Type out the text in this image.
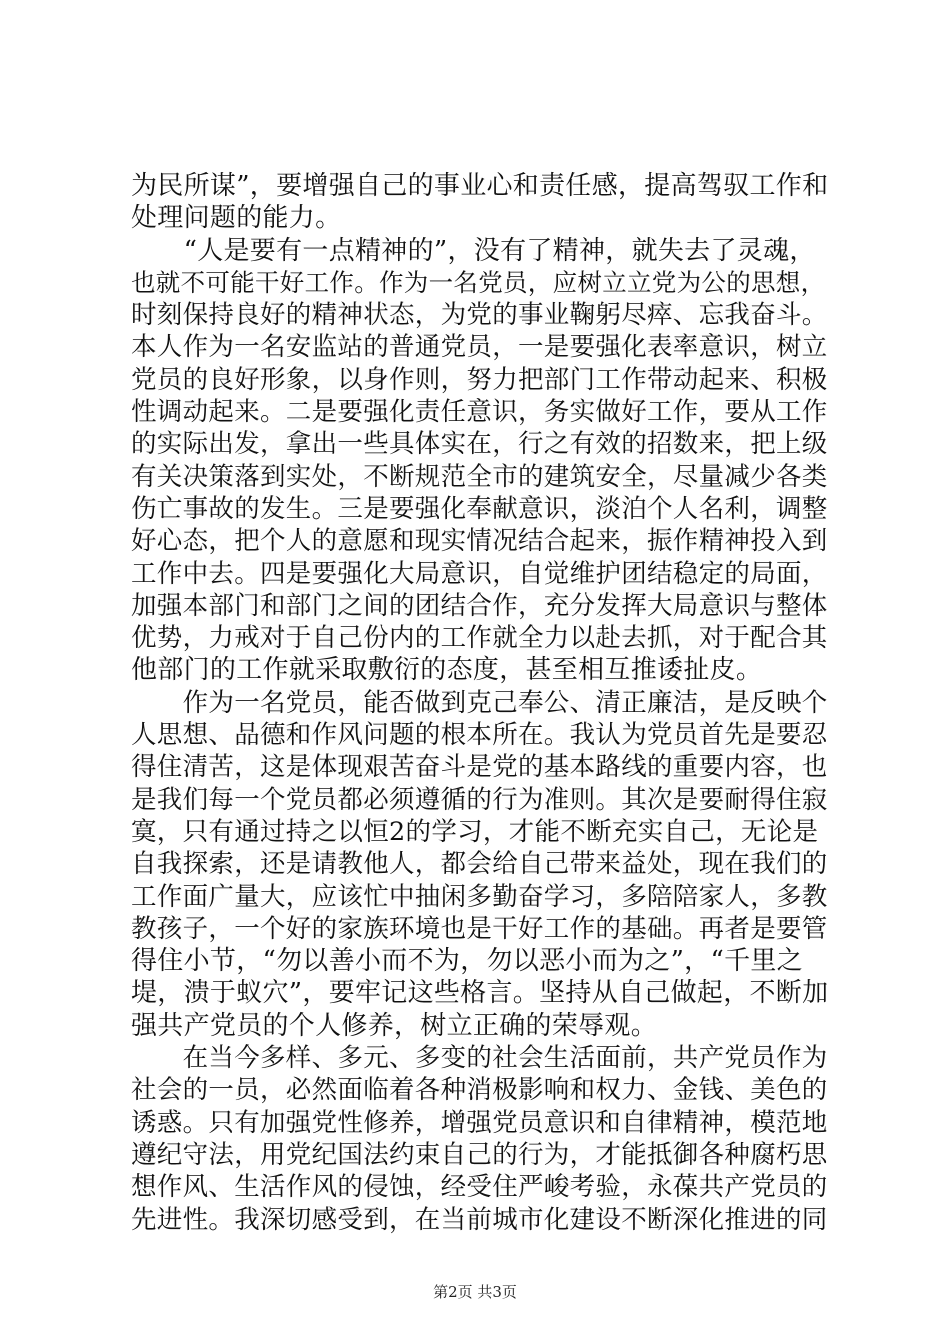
为民所谋”，要增强自己的事业心和责任感，提高驾驭工作和
处理问题的能力。
　　“人是要有一点精神的”，没有了精神，就失去了灵魂，
也就不可能干好工作。作为一名党员，应树立立党为公的思想，
时刻保持良好的精神状态，为党的事业鞠躬尽瘁、忘我奋斗。
本人作为一名安监站的普通党员，一是要强化表率意识，树立
党员的良好形象，以身作则，努力把部门工作带动起来、积极
性调动起来。二是要强化责任意识，务实做好工作，要从工作
的实际出发，拿出一些具体实在，行之有效的招数来，把上级
有关决策落到实处，不断规范全市的建筑安全，尽量减少各类
伤亡事故的发生。三是要强化奉献意识，淡泊个人名利，调整
好心态，把个人的意愿和现实情况结合起来，振作精神投入到
工作中去。四是要强化大局意识，自觉维护团结稳定的局面，
加强本部门和部门之间的团结合作，充分发挥大局意识与整体
优势，力戒对于自己份内的工作就全力以赴去抓，对于配合其
他部门的工作就采取敷衍的态度，甚至相互推诿扯皮。
　　作为一名党员，能否做到克己奉公、清正廉洁，是反映个
人思想、品德和作风问题的根本所在。我认为党员首先是要忍
得住清苦，这是体现艰苦奋斗是党的基本路线的重要内容，也
是我们每一个党员都必须遵循的行为准则。其次是要耐得住寂
寞，只有通过持之以恒2的学习，才能不断充实自己，无论是
自我探索，还是请教他人，都会给自己带来益处，现在我们的
工作面广量大，应该忙中抽闲多勤奋学习，多陪陪家人，多教
教孩子，一个好的家族环境也是干好工作的基础。再者是要管
得住小节，“勿以善小而不为，勿以恶小而为之”，“千里之
堤，溃于蚁穴”，要牢记这些格言。坚持从自己做起，不断加
强共产党员的个人修养，树立正确的荣辱观。
　　在当今多样、多元、多变的社会生活面前，共产党员作为
社会的一员，必然面临着各种消极影响和权力、金钱、美色的
诱惑。只有加强党性修养，增强党员意识和自律精神，模范地
遵纪守法，用党纪国法约束自己的行为，才能抵御各种腐朽思
想作风、生活作风的侵蚀，经受住严峻考验，永葆共产党员的
先进性。我深切感受到，在当前城市化建设不断深化推进的同
第2页 共3页
